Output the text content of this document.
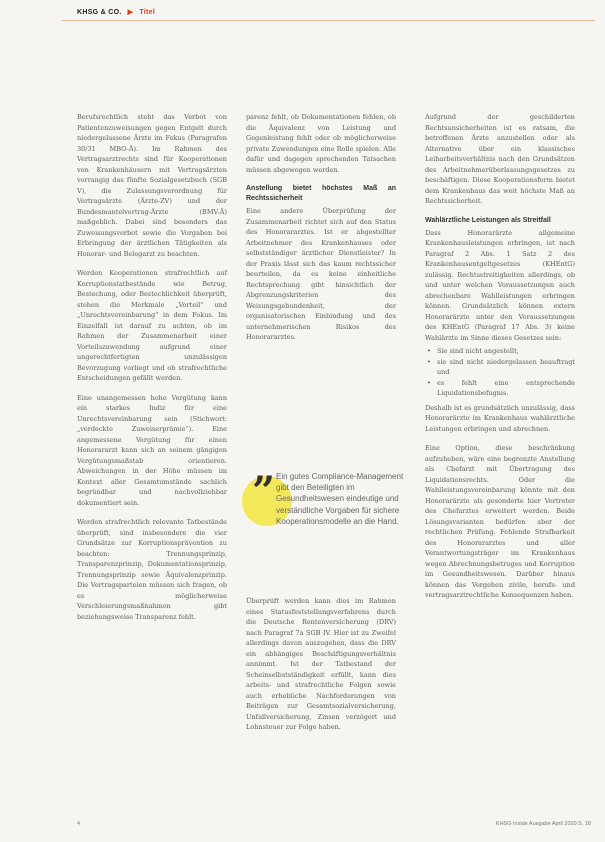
KHSG & CO. ▶ Titel

Berufsrechtlich steht das Verbot von Patientenzuweisungen gegen Entgelt durch niedergelassene Ärzte im Fokus (Paragrafen 30/31 MBO-Ä). Im Rahmen des Vertragsarztrechts sind für Kooperationen von Krankenhäusern mit Vertragsärzten vorrangig das fünfte Sozialgesetzbuch (SGB V), die Zulassungsverordnung für Vertragsärzte (Ärzte-ZV) und der Bundesmantelvertrag-Ärzte (BMV-Ä) maßgeblich. Dabei sind besonders das Zuweisungsverbot sowie die Vorgaben bei Erbringung der ärztlichen Tätigkeiten als Honorar- und Belegarzt zu beachten.

Werden Kooperationen strafrechtlich auf Korruptionstatbestände wie Betrug, Bestechung, oder Bestechlichkeit überprüft, stehen die Merkmale „Vorteil“ und „Unrechtsvereinbarung“ in dem Fokus. Im Einzelfall ist darauf zu achten, ob im Rahmen der Zusammenarbeit einer Vorteilszuwendung aufgrund einer ungerechtfertigten unzulässigen Bevorzugung vorliegt und ob strafrechtliche Entscheidungen gefällt werden.

Eine unangemessen hohe Vergütung kann ein starkes Indiz für eine Unrechtsvereinbarung sein (Stichwort: „verdeckte Zuweiserprämie“). Eine angemessene Vergütung für einen Honorararzt kann sich an seinem gängigen Vergütungsmaßstab orientieren. Abweichungen in der Höhe müssen im Kontext aller Gesamtumstände sachlich begründbar und nachvollziehbar dokumentiert sein.

Werden strafrechtlich relevante Tatbestände überprüft, sind insbesondere die vier Grundsätze zur Korruptionsprävention zu beachten: Trennungsprinzip, Transparenzprinzip, Dokumentationsprinzip, Trennungsprinzip sowie Äquivalenzprinzip. Die Vertragsparteien müssen sich fragen, ob es möglicherweise Verschleierungsmaßnahmen gibt beziehungsweise Transparenz fehlt.

parenz fehlt, ob Dokumentationen fehlen, ob die Äquivalenz von Leistung und Gegenleistung fehlt oder ob möglicherweise private Zuwendungen eine Rolle spielen. Alle dafür und dagegen sprechenden Tatsachen müssen abgewogen werden.

Anstellung bietet höchstes Maß an Rechtssicherheit

Eine andere Überprüfung der Zusammenarbeit richtet sich auf den Status des Honorararztes. Ist er abgestellter Arbeitnehmer des Krankenhauses oder selbstständiger ärztlicher Dienstleister? In der Praxis lässt sich das kaum rechtssicher beurteilen, da es keine einheitliche Rechtsprechung gibt hinsichtlich der Abgrenzungskriterien des Weisungsgebundenheit, der organisatorischen Einbindung und des unternehmerischen Risikos des Honorararztes.

” Ein gutes Compliance-Management gibt den Beteiligten im Gesundheitswesen eindeutige und verständliche Vorgaben für sichere Kooperationsmodelle an die Hand.

Überprüft werden kann dies im Rahmen eines Statusfeststellungsverfahrens durch die Deutsche Rentenversicherung (DRV) nach Paragraf 7a SGB IV. Hier ist zu Zweifel allerdings davon auszugehen, dass die DRV ein abhängiges Beschäftigungsverhältnis annimmt. Ist der Tatbestand der Scheinselbstständigkeit erfüllt, kann dies arbeits- und strafrechtliche Folgen sowie auch erhebliche Nachforderungen von Beiträgen zur Gesamtsozialversicherung, Unfallversicherung, Zinsen verzögert und Lohnsteuer zur Folge haben.

Aufgrund der geschilderten Rechtsunsicherheiten ist es ratsam, die betroffenen Ärzte anzustellen oder als Alternative über ein klassisches Leiharbeitsverhältnis nach den Grundsätzen des Arbeitnehmerüberlassungsgesetzes zu beschäftigen. Diese Kooperationsform bietet dem Krankenhaus das weit höchste Maß an Rechtssicherheit.

Wahlärztliche Leistungen als Streitfall

Dass Honorarärzte allgemeine Krankenhausleistungen erbringen, ist nach Paragraf 2 Abs. 1 Satz 2 des Krankenhausentgeltgesetzes (KHEntG) zulässig. Rechtsstreitigkeiten allerdings, ob und unter welchen Voraussetzungen auch abrechenbare Wahlleistungen erbringen können. Grundsätzlich können extern Honorarärzte unter den Voraussetzungen des KHEntG (Paragraf 17 Abs. 3) keine Wahlärzte im Sinne dieses Gesetzes sein:

• Sie sind nicht angestellt,
• sie sind nicht niedergelassen beauftragt und
• es fehlt eine entsprechende Liquidationsbefugnis.

Deshalb ist es grundsätzlich unzulässig, dass Honorarärzte im Krankenhaus wahlärztliche Leistungen erbringen und abrechnen.

Eine Option, diese beschränkung aufzuheben, wäre eine begrenzte Anstellung als Chefarzt mit Übertragung des Liquidationsrechts. Oder die Wahlleistungsvereinbarung könnte mit den Honorarärzte als gesonderte hier Vertreter des Chefarztes erweitert werden. Beide Lösungsvarianten bedürfen aber der rechtlichen Prüfung. Fehlende Strafbarkeit des Honorararztes und aller Verantwortungsträger im Krankenhaus wegen Abrechnungsbetruges und Korruption im Gesundheitswesen. Darüber hinaus können das Vergehen zivile, berufs- und vertragsarztrechtliche Konsequenzen haben.

4	KHSG Inside Ausgabe April 2020 S. 18
